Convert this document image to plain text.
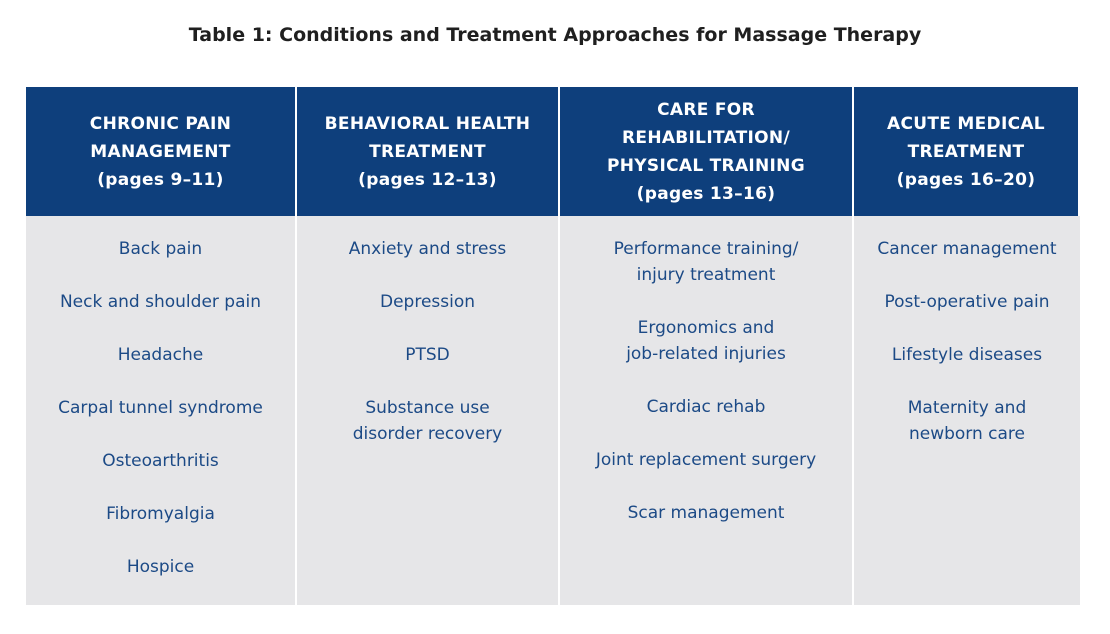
Table 1: Conditions and Treatment Approaches for Massage Therapy
CHRONIC PAIN
MANAGEMENT
(pages 9–11)
BEHAVIORAL HEALTH
TREATMENT
(pages 12–13)
CARE FOR
REHABILITATION/
PHYSICAL TRAINING
(pages 13–16)
ACUTE MEDICAL
TREATMENT
(pages 16–20)
Back pain
Neck and shoulder pain
Headache
Carpal tunnel syndrome
Osteoarthritis
Fibromyalgia
Hospice
Anxiety and stress
Depression
PTSD
Substance use
disorder recovery
Performance training/
injury treatment
Ergonomics and
job-related injuries
Cardiac rehab
Joint replacement surgery
Scar management
Cancer management
Post-operative pain
Lifestyle diseases
Maternity and
newborn care
